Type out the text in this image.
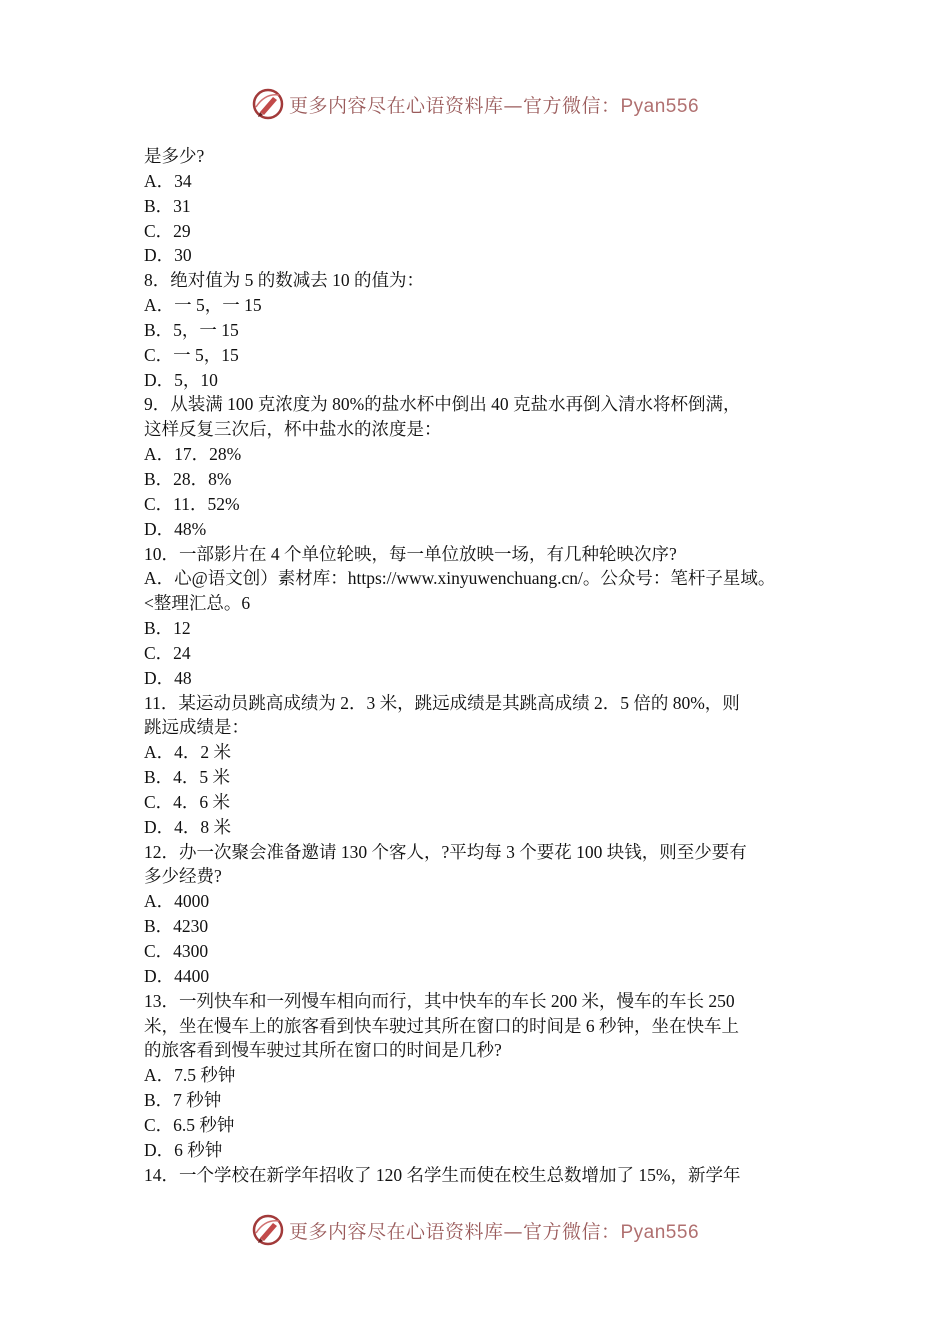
更多内容尽在心语资料库—官方微信：Pyan556
是多少?
A．34
B．31
C．29
D．30
8．绝对值为 5 的数减去 10 的值为：
A．一 5，一 15
B．5，一 15
C．一 5，15
D．5，10
9．从装满 100 克浓度为 80%的盐水杯中倒出 40 克盐水再倒入清水将杯倒满，
这样反复三次后，杯中盐水的浓度是：
A．17．28%
B．28．8%
C．11．52%
D．48%
10．一部影片在 4 个单位轮映，每一单位放映一场，有几种轮映次序?
A．心@语文创）素材库：https://www.xinyuwenchuang.cn/。公众号：笔杆子星域。
<整理汇总。6
B．12
C．24
D．48
11．某运动员跳高成绩为 2．3 米，跳远成绩是其跳高成绩 2．5 倍的 80%，则
跳远成绩是：
A．4．2 米
B．4．5 米
C．4．6 米
D．4．8 米
12．办一次聚会准备邀请 130 个客人，?平均每 3 个要花 100 块钱，则至少要有
多少经费?
A．4000
B．4230
C．4300
D．4400
13．一列快车和一列慢车相向而行，其中快车的车长 200 米，慢车的车长 250
米，坐在慢车上的旅客看到快车驶过其所在窗口的时间是 6 秒钟，坐在快车上
的旅客看到慢车驶过其所在窗口的时间是几秒?
A．7.5 秒钟
B．7 秒钟
C．6.5 秒钟
D．6 秒钟
14．一个学校在新学年招收了 120 名学生而使在校生总数增加了 15%，新学年
更多内容尽在心语资料库—官方微信：Pyan556
